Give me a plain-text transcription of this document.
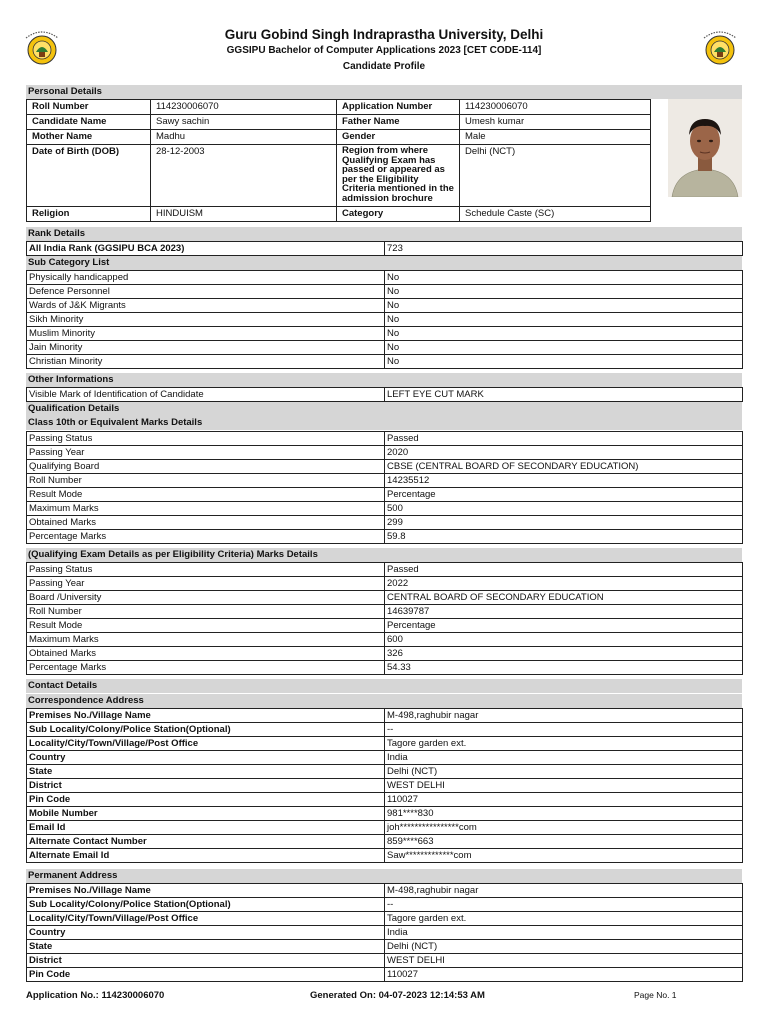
Guru Gobind Singh Indraprastha University, Delhi
GGSIPU Bachelor of Computer Applications 2023 [CET CODE-114]
Candidate Profile
Personal Details
Roll Number	114230006070	Application Number	114230006070
Candidate Name	Sawy sachin	Father Name	Umesh kumar
Mother Name	Madhu	Gender	Male
Date of Birth (DOB)	28-12-2003	Region from where Qualifying Exam has passed or appeared as per the Eligibility Criteria mentioned in the admission brochure	Delhi (NCT)
Religion	HINDUISM	Category	Schedule Caste (SC)
Rank Details
All India Rank (GGSIPU BCA 2023)	723
Sub Category List
Physically handicapped	No
Defence Personnel	No
Wards of J&K Migrants	No
Sikh Minority	No
Muslim Minority	No
Jain Minority	No
Christian Minority	No
Other Informations
Visible Mark of Identification of Candidate	LEFT EYE CUT MARK
Qualification Details
Class 10th or Equivalent Marks Details
Passing Status	Passed
Passing Year	2020
Qualifying Board	CBSE (CENTRAL BOARD OF SECONDARY EDUCATION)
Roll Number	14235512
Result Mode	Percentage
Maximum Marks	500
Obtained Marks	299
Percentage Marks	59.8
(Qualifying Exam Details as per Eligibility Criteria) Marks Details
Passing Status	Passed
Passing Year	2022
Board /University	CENTRAL BOARD OF SECONDARY EDUCATION
Roll Number	14639787
Result Mode	Percentage
Maximum Marks	600
Obtained Marks	326
Percentage Marks	54.33
Contact Details
Correspondence Address
Premises No./Village Name	M-498,raghubir nagar
Sub Locality/Colony/Police Station(Optional)	--
Locality/City/Town/Village/Post Office	Tagore garden ext.
Country	India
State	Delhi (NCT)
District	WEST DELHI
Pin Code	110027
Mobile Number	981****830
Email Id	joh****************com
Alternate Contact Number	859****663
Alternate Email Id	Saw*************com
Permanent Address
Premises No./Village Name	M-498,raghubir nagar
Sub Locality/Colony/Police Station(Optional)	--
Locality/City/Town/Village/Post Office	Tagore garden ext.
Country	India
State	Delhi (NCT)
District	WEST DELHI
Pin Code	110027
Application No.: 114230006070	Generated On: 04-07-2023 12:14:53 AM	Page No. 1
